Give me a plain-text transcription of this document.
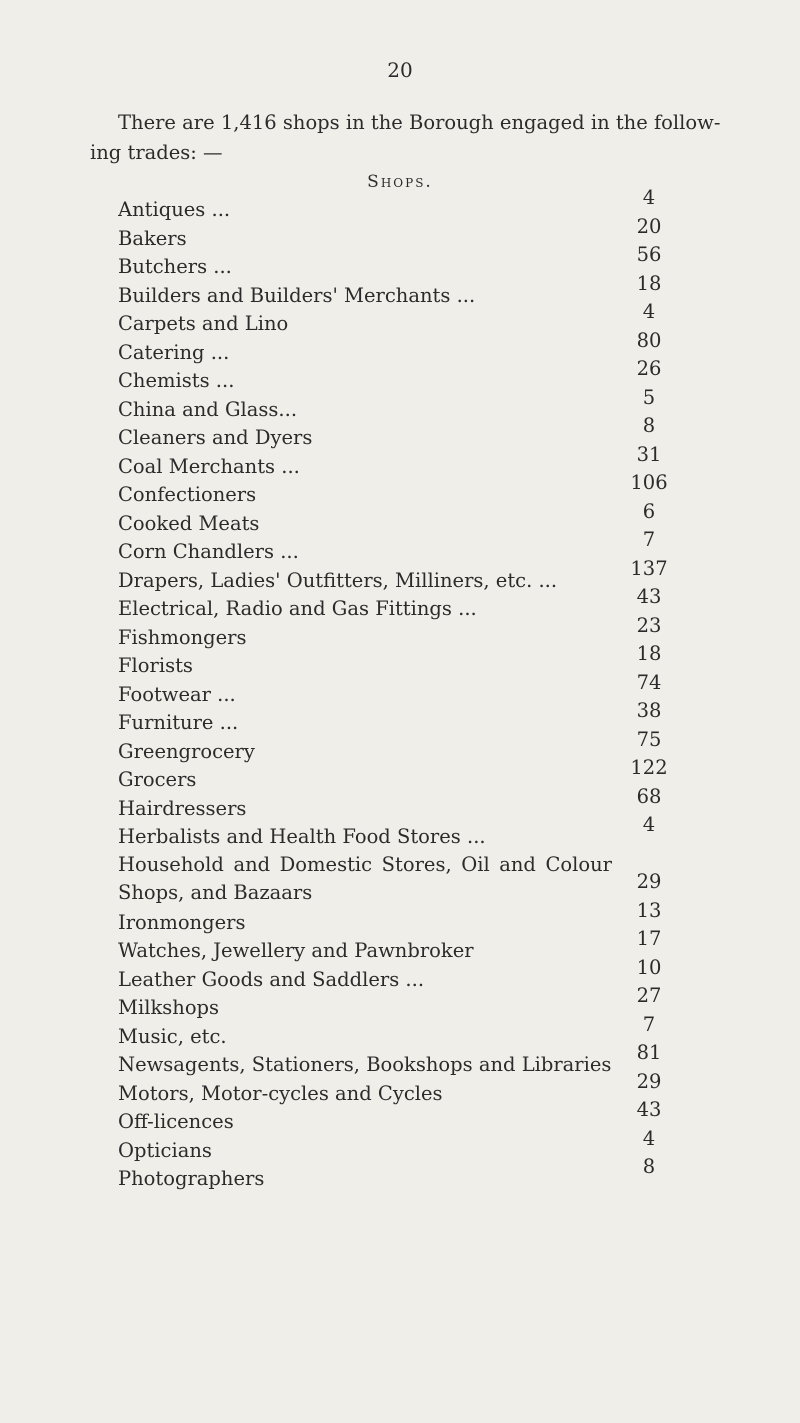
20
There are 1,416 shops in the Borough engaged in the follow- ing trades: —
Shops.
Antiques ...
4
Bakers
20
Butchers ...
56
Builders and Builders' Merchants ...
18
Carpets and Lino
4
Catering ...
80
Chemists ...
26
China and Glass...
5
Cleaners and Dyers
8
Coal Merchants ...
31
Confectioners
106
Cooked Meats
6
Corn Chandlers ...
7
Drapers, Ladies' Outfitters, Milliners, etc. ...
137
Electrical, Radio and Gas Fittings ...
43
Fishmongers
23
Florists
18
Footwear ...
74
Furniture ...
38
Greengrocery
75
Grocers
122
Hairdressers
68
Herbalists and Health Food Stores ...
4
Household and Domestic Stores, Oil and Colour Shops, and Bazaars	29
Ironmongers
13
Watches, Jewellery and Pawnbroker
17
Leather Goods and Saddlers ...
10
Milkshops
27
Music, etc.
7
Newsagents, Stationers, Bookshops and Libraries
81
Motors, Motor-cycles and Cycles
29
Off-licences
43
Opticians
4
Photographers
8
